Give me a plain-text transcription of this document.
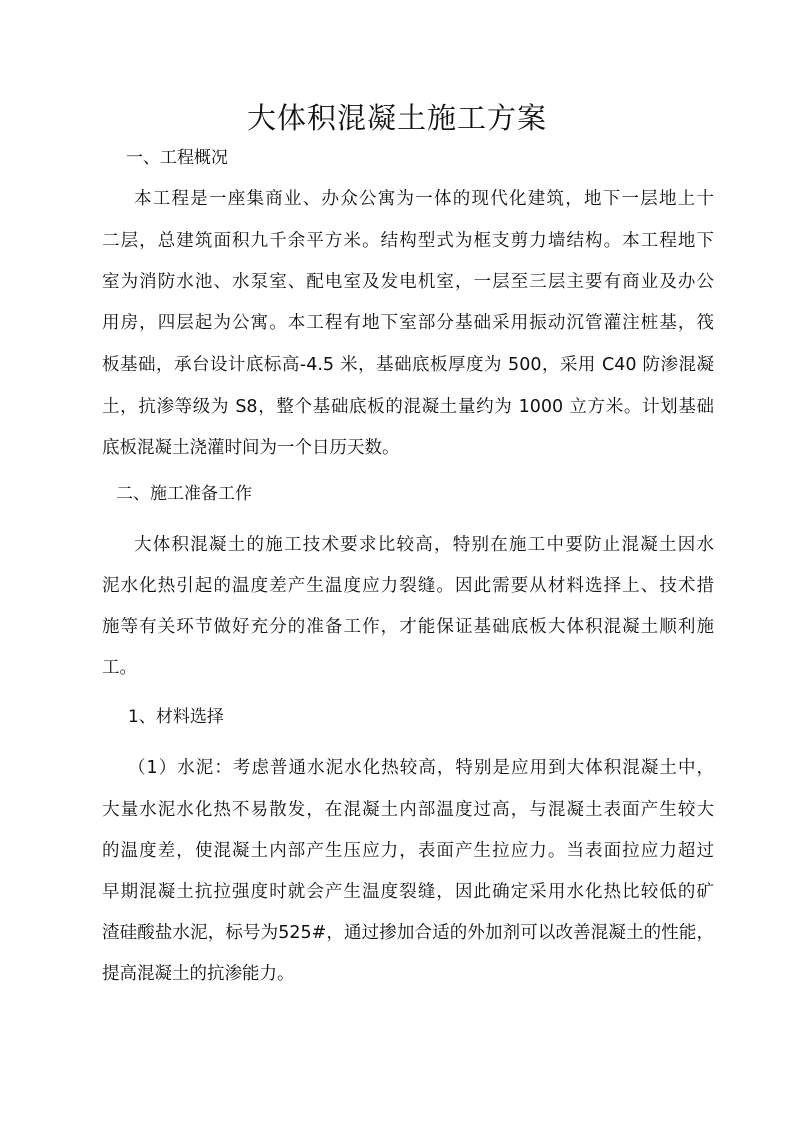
大体积混凝土施工方案
一、工程概况
本工程是一座集商业、办众公寓为一体的现代化建筑，地下一层地上十
二层，总建筑面积九千余平方米。结构型式为框支剪力墙结构。本工程地下
室为消防水池、水泵室、配电室及发电机室，一层至三层主要有商业及办公
用房，四层起为公寓。本工程有地下室部分基础采用振动沉管灌注桩基，筏
板基础，承台设计底标高-4.5 米，基础底板厚度为 500，采用 C40 防渗混凝
土，抗渗等级为 S8，整个基础底板的混凝土量约为 1000 立方米。计划基础
底板混凝土浇灌时间为一个日历天数。
二、施工准备工作
大体积混凝土的施工技术要求比较高，特别在施工中要防止混凝土因水
泥水化热引起的温度差产生温度应力裂缝。因此需要从材料选择上、技术措
施等有关环节做好充分的准备工作，才能保证基础底板大体积混凝土顺利施
工。
1、材料选择
（1）水泥：考虑普通水泥水化热较高，特别是应用到大体积混凝土中，
大量水泥水化热不易散发，在混凝土内部温度过高，与混凝土表面产生较大
的温度差，使混凝土内部产生压应力，表面产生拉应力。当表面拉应力超过
早期混凝土抗拉强度时就会产生温度裂缝，因此确定采用水化热比较低的矿
渣硅酸盐水泥，标号为525#，通过掺加合适的外加剂可以改善混凝土的性能，
提高混凝土的抗渗能力。
